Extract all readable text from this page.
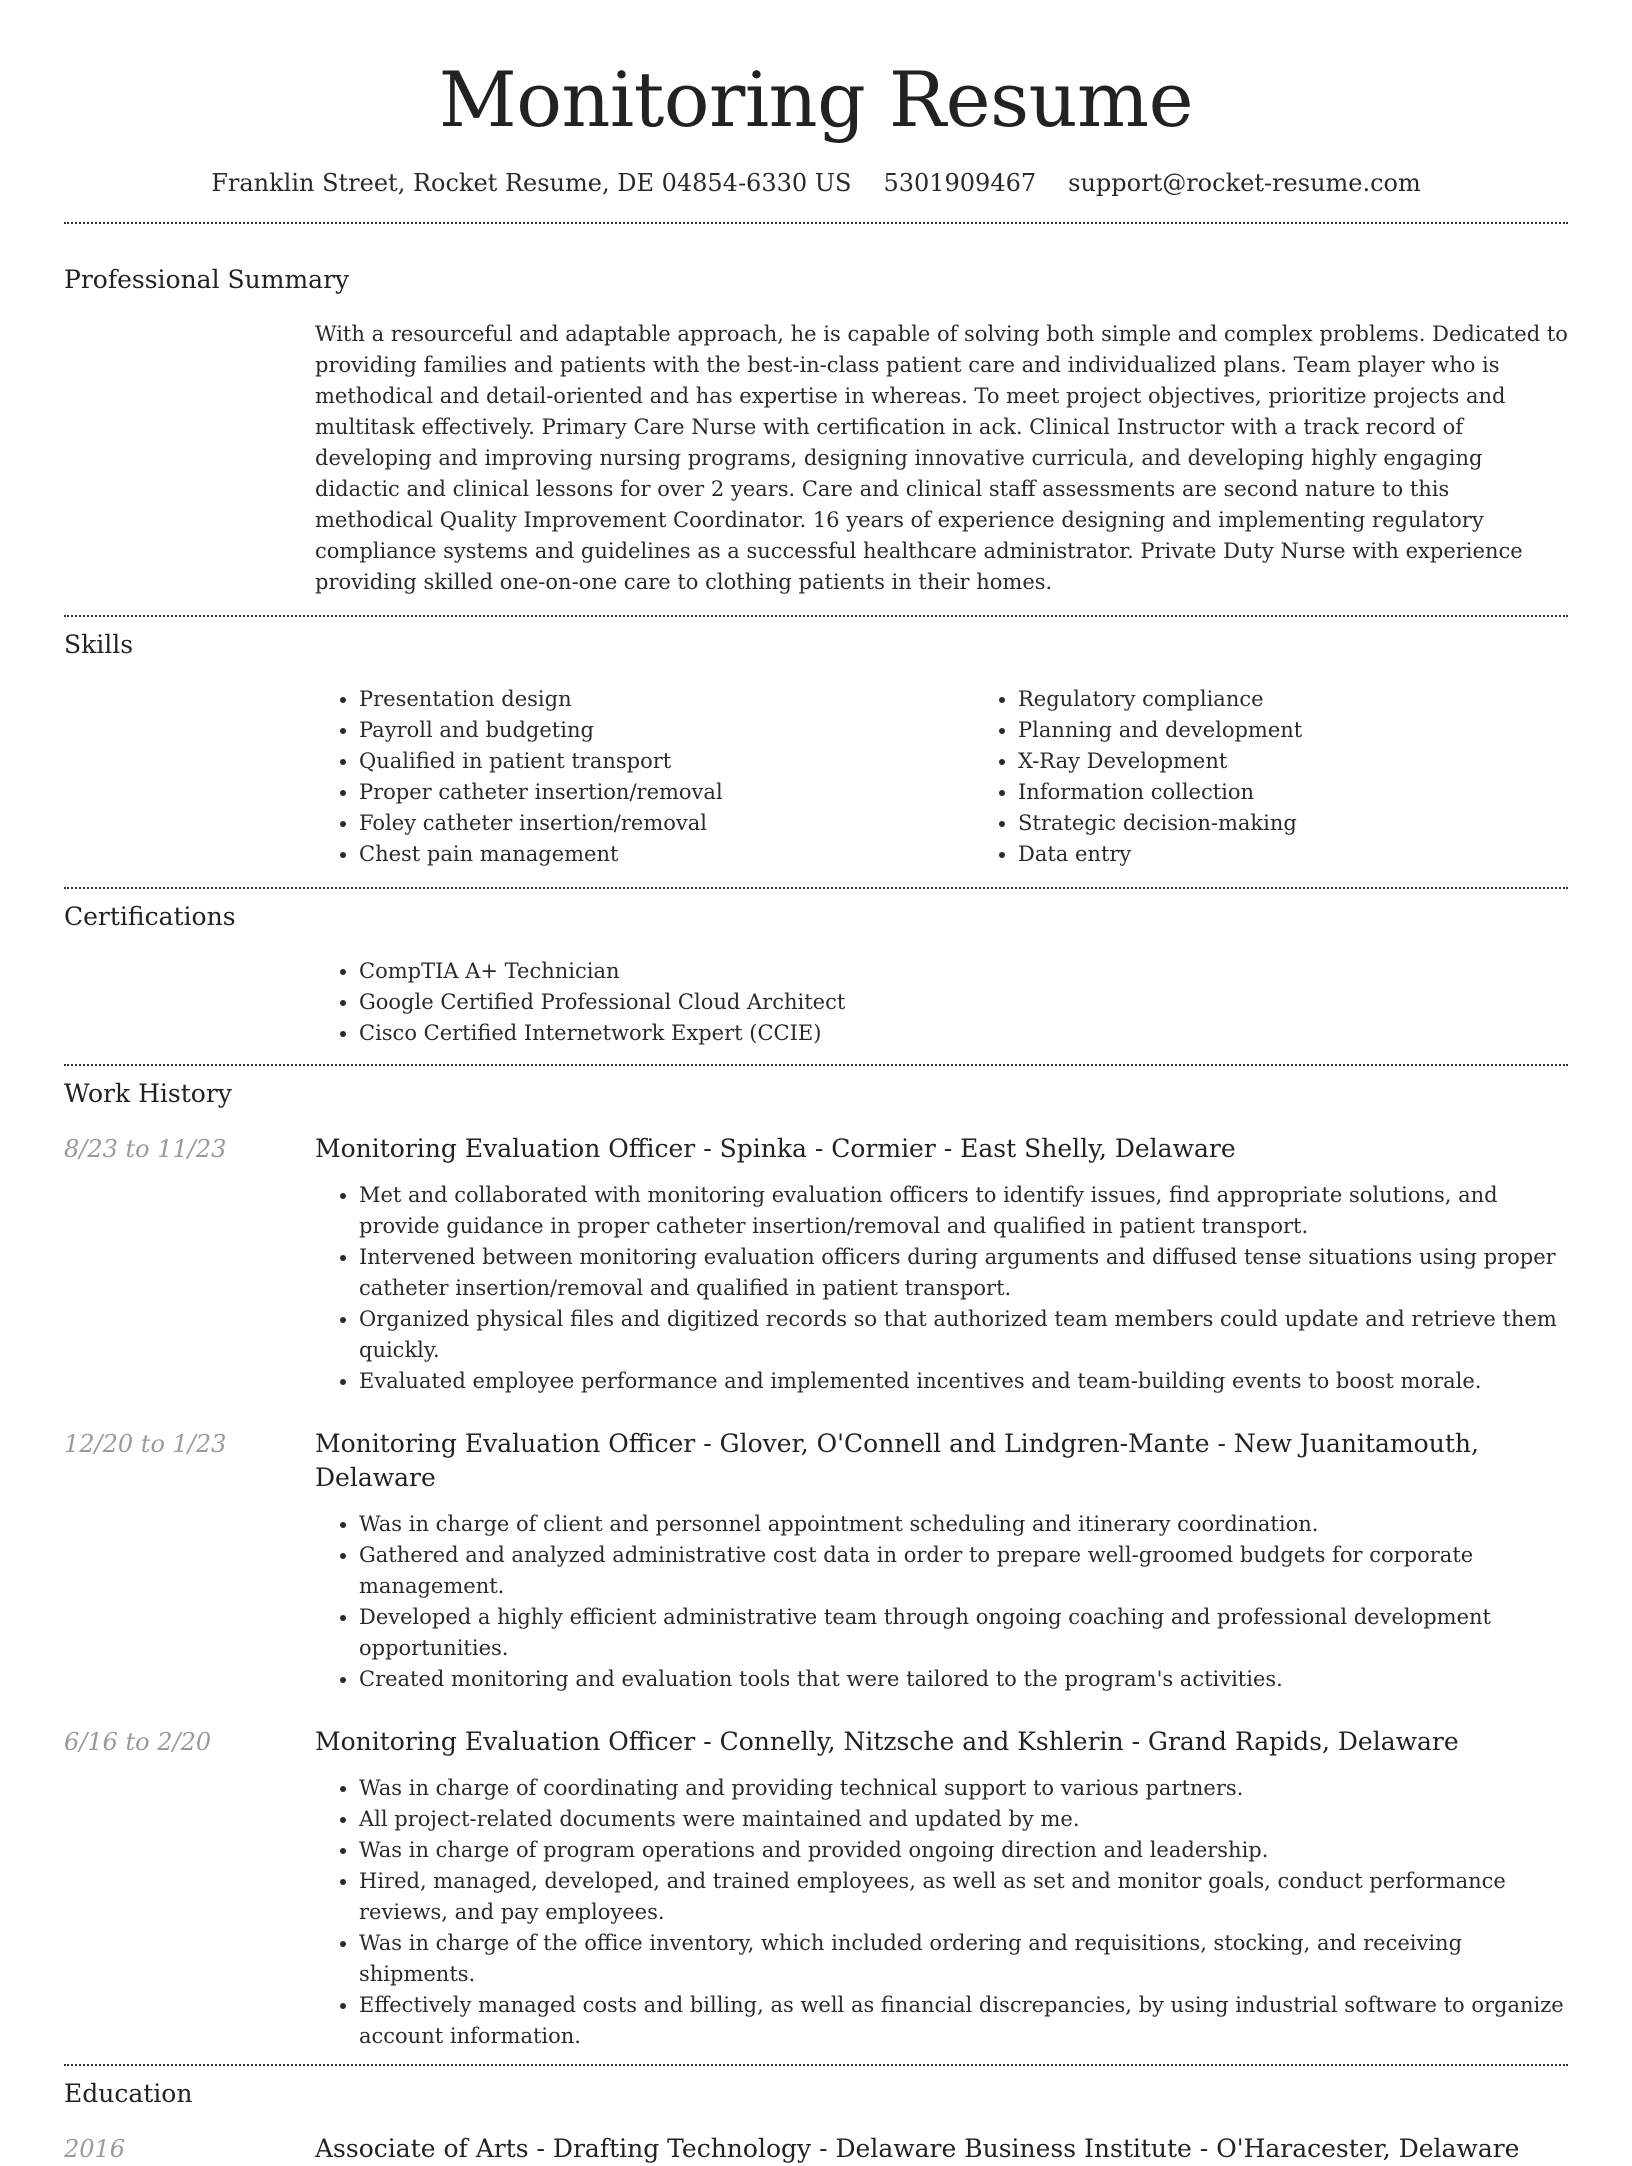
Monitoring Resume
Franklin Street, Rocket Resume, DE 04854-6330 US 5301909467 support@rocket-resume.com
Professional Summary

With a resourceful and adaptable approach, he is capable of solving both simple and complex problems. Dedicated to providing families and patients with the best-in-class patient care and individualized plans. Team player who is methodical and detail-oriented and has expertise in whereas. To meet project objectives, prioritize projects and multitask effectively. Primary Care Nurse with certification in ack. Clinical Instructor with a track record of developing and improving nursing programs, designing innovative curricula, and developing highly engaging didactic and clinical lessons for over 2 years. Care and clinical staff assessments are second nature to this methodical Quality Improvement Coordinator. 16 years of experience designing and implementing regulatory compliance systems and guidelines as a successful healthcare administrator. Private Duty Nurse with experience providing skilled one-on-one care to clothing patients in their homes.

Skills
• Presentation design
• Payroll and budgeting
• Qualified in patient transport
• Proper catheter insertion/removal
• Foley catheter insertion/removal
• Chest pain management
• Regulatory compliance
• Planning and development
• X-Ray Development
• Information collection
• Strategic decision-making
• Data entry
Certifications
• CompTIA A+ Technician
• Google Certified Professional Cloud Architect
• Cisco Certified Internetwork Expert (CCIE)
Work History
8/23 to 11/23	Monitoring Evaluation Officer - Spinka - Cormier - East Shelly, Delaware
• Met and collaborated with monitoring evaluation officers to identify issues, find appropriate solutions, and provide guidance in proper catheter insertion/removal and qualified in patient transport.
• Intervened between monitoring evaluation officers during arguments and diffused tense situations using proper catheter insertion/removal and qualified in patient transport.
• Organized physical files and digitized records so that authorized team members could update and retrieve them quickly.
• Evaluated employee performance and implemented incentives and team-building events to boost morale.
12/20 to 1/23	Monitoring Evaluation Officer - Glover, O'Connell and Lindgren-Mante - New Juanitamouth, Delaware
• Was in charge of client and personnel appointment scheduling and itinerary coordination.
• Gathered and analyzed administrative cost data in order to prepare well-groomed budgets for corporate management.
• Developed a highly efficient administrative team through ongoing coaching and professional development opportunities.
• Created monitoring and evaluation tools that were tailored to the program's activities.
6/16 to 2/20	Monitoring Evaluation Officer - Connelly, Nitzsche and Kshlerin - Grand Rapids, Delaware
• Was in charge of coordinating and providing technical support to various partners.
• All project-related documents were maintained and updated by me.
• Was in charge of program operations and provided ongoing direction and leadership.
• Hired, managed, developed, and trained employees, as well as set and monitor goals, conduct performance reviews, and pay employees.
• Was in charge of the office inventory, which included ordering and requisitions, stocking, and receiving shipments.
• Effectively managed costs and billing, as well as financial discrepancies, by using industrial software to organize account information.
Education
2016	Associate of Arts - Drafting Technology - Delaware Business Institute - O'Haracester, Delaware
